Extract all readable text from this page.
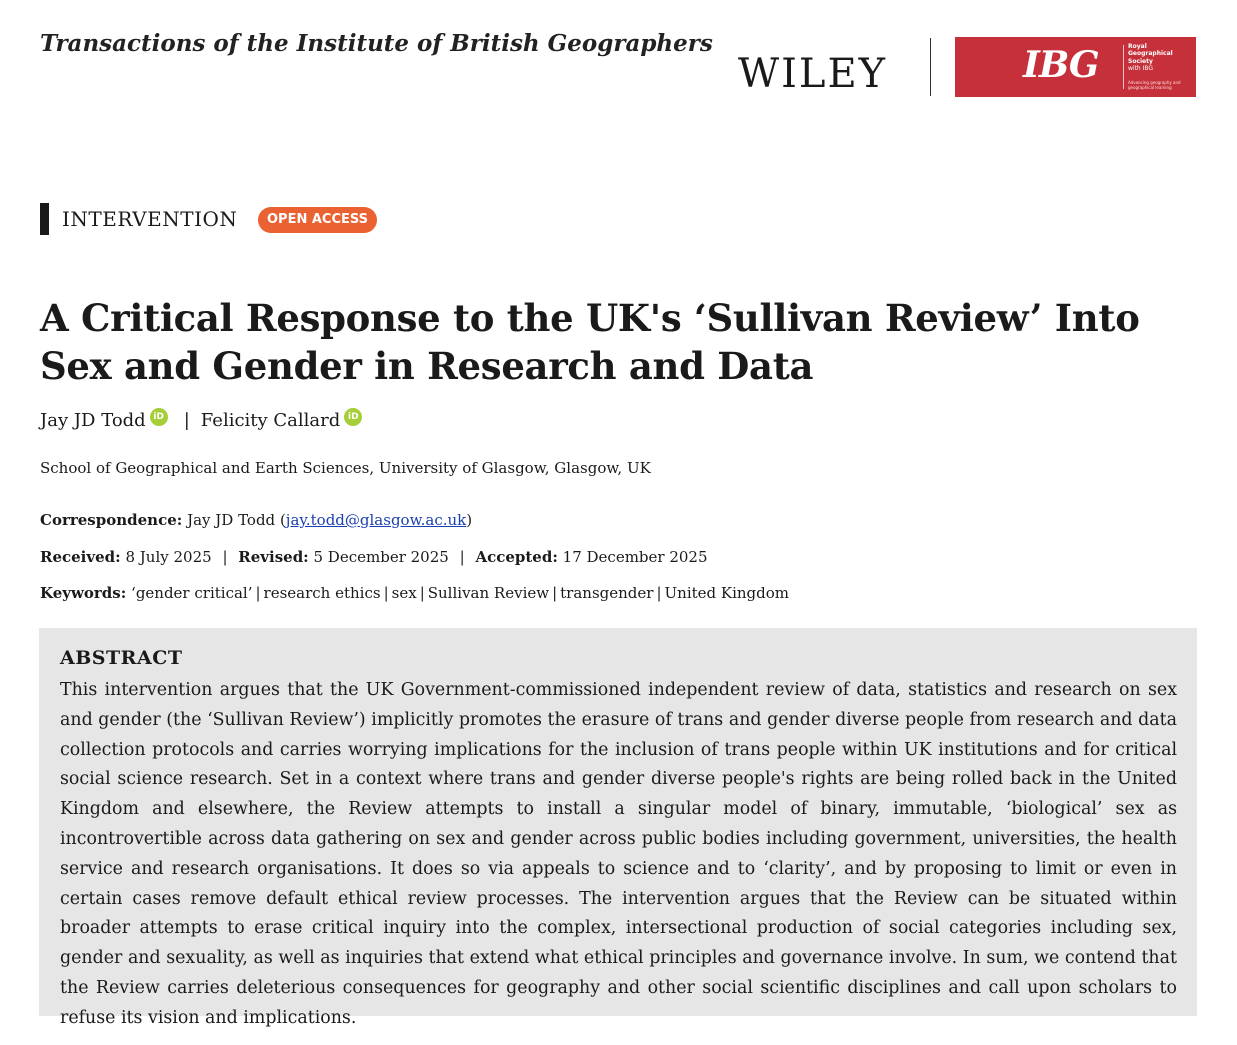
Transactions of the Institute of British Geographers
WILEY	IBG	Royal
Geographical
Society
with IBG
Advancing geography and geographical learning
INTERVENTION	OPEN ACCESS
A Critical Response to the UK's ‘Sullivan Review’ Into Sex and Gender in Research and Data
Jay JD Todd iD | Felicity Callard iD
School of Geographical and Earth Sciences, University of Glasgow, Glasgow, UK
Correspondence: Jay JD Todd (jay.todd@glasgow.ac.uk)
Received: 8 July 2025 | Revised: 5 December 2025 | Accepted: 17 December 2025
Keywords: ‘gender critical’ | research ethics | sex | Sullivan Review | transgender | United Kingdom
ABSTRACT
This intervention argues that the UK Government-commissioned independent review of data, statistics and research on sex and gender (the ‘Sullivan Review’) implicitly promotes the erasure of trans and gender diverse people from research and data collection protocols and carries worrying implications for the inclusion of trans people within UK institutions and for critical social science research. Set in a context where trans and gender diverse people's rights are being rolled back in the United Kingdom and elsewhere, the Review attempts to install a singular model of binary, immutable, ‘biological’ sex as incontrovertible across data gathering on sex and gender across public bodies including government, universities, the health service and research organisations. It does so via appeals to science and to ‘clarity’, and by proposing to limit or even in certain cases remove default ethical review processes. The intervention argues that the Review can be situated within broader attempts to erase critical inquiry into the complex, intersectional production of social categories including sex, gender and sexuality, as well as inquiries that extend what ethical principles and governance involve. In sum, we contend that the Review carries deleterious consequences for geography and other social scientific disciplines and call upon scholars to refuse its vision and implications.
